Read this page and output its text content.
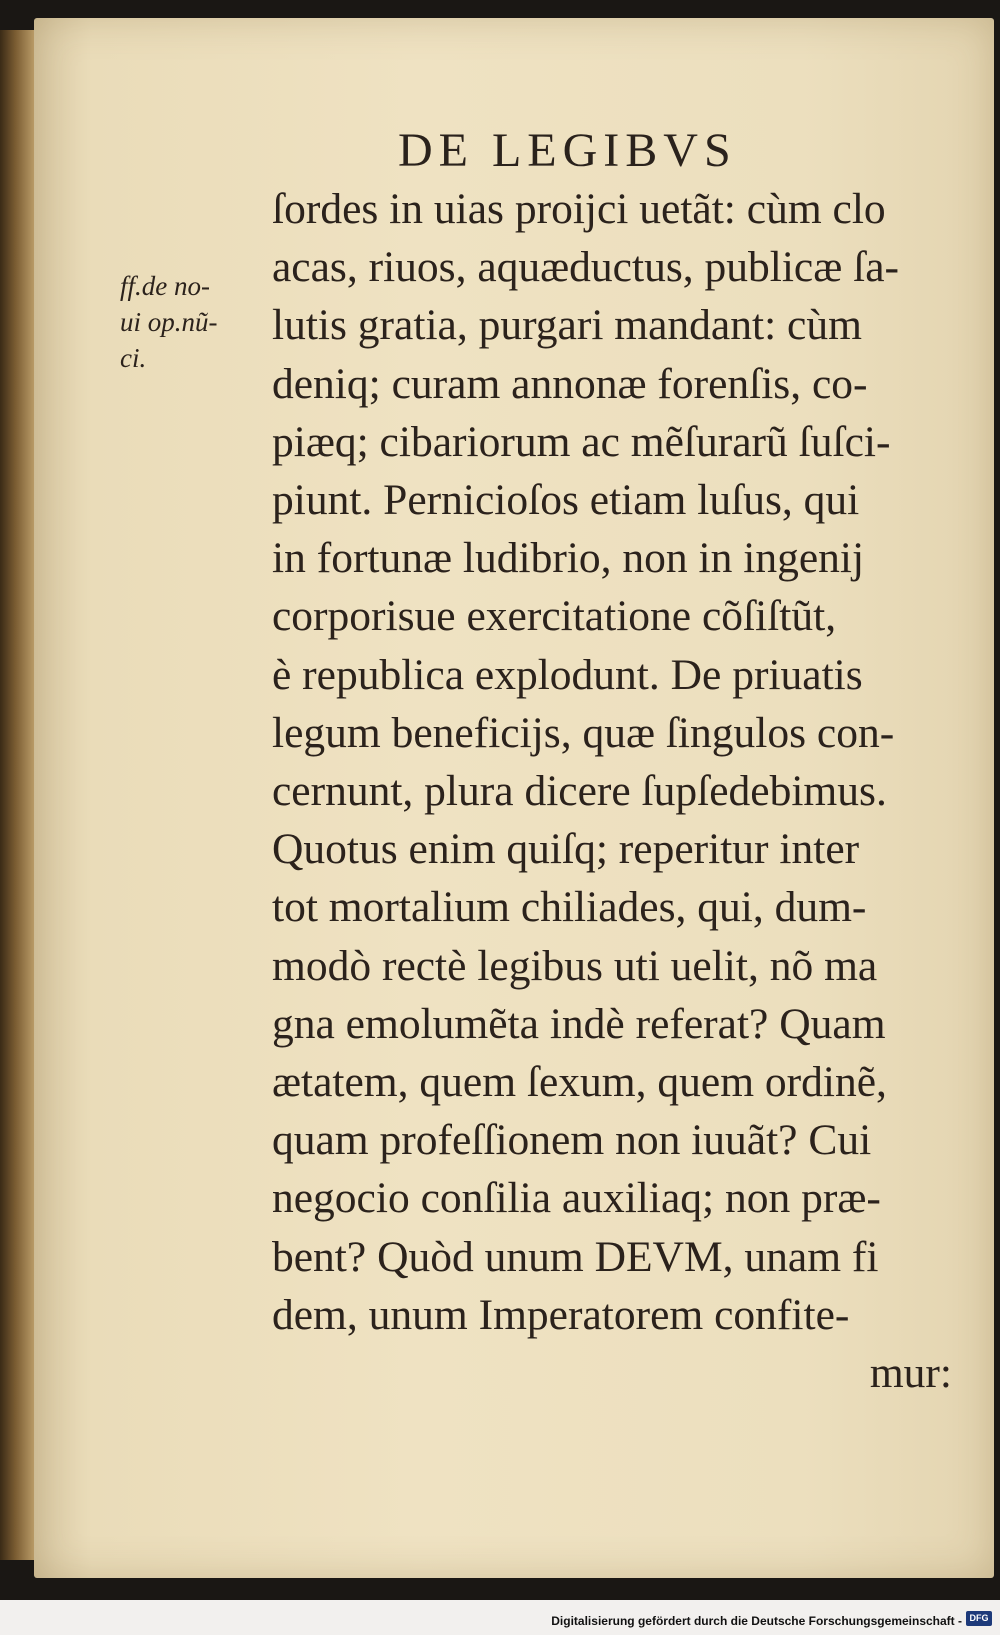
DE LEGIBVS
ff.de no-
ui op.nũ-
ci.
ſordes in uias proijci uetãt: cùm clo
acas, riuos, aquæductus, publicæ ſa-
lutis gratia, purgari mandant: cùm
deniq; curam annonæ forenſis, co-
piæq; cibariorum ac mẽſurarũ ſuſci-
piunt. Pernicioſos etiam luſus, qui
in fortunæ ludibrio, non in ingenij
corporisue exercitatione cõſiſtũt,
è republica explodunt. De priuatis
legum beneficijs, quæ ſingulos con-
cernunt, plura dicere ſupſedebimus.
Quotus enim quiſq; reperitur inter
tot mortalium chiliades, qui, dum-
modò rectè legibus uti uelit, nõ ma
gna emolumẽta indè referat? Quam
ætatem, quem ſexum, quem ordinẽ,
quam profeſſionem non iuuãt? Cui
negocio conſilia auxiliaq; non præ-
bent? Quòd unum DEVM, unam fi
dem, unum Imperatorem confite-
mur:
Digitalisierung gefördert durch die Deutsche Forschungsgemeinschaft - DFG
